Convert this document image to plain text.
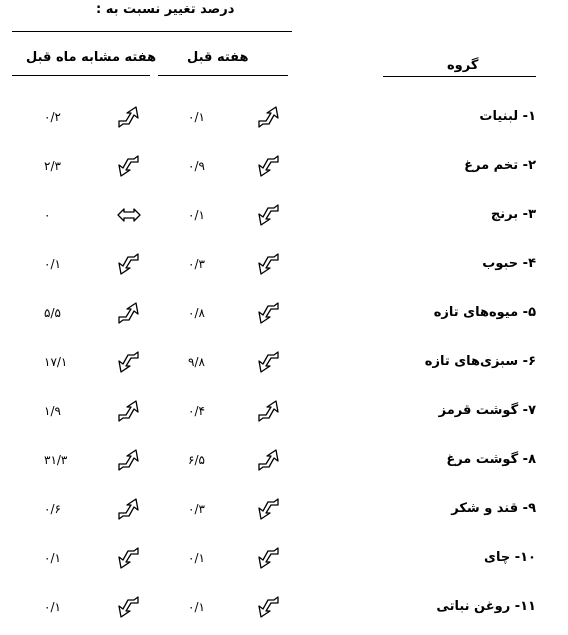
درصد تغییر نسبت به :
هفته مشابه ماه قبل هفته قبل
گروه
۱- لبنیات
۰/۱
۰/۲
۲- تخم مرغ
۰/۹
۲/۳
۳- برنج
۰/۱
۰
۴- حبوب
۰/۳
۰/۱
۵- میوه‌های تازه
۰/۸
۵/۵
۶- سبزی‌های تازه
۹/۸
۱۷/۱
۷- گوشت قرمز
۰/۴
۱/۹
۸- گوشت مرغ
۶/۵
۳۱/۳
۹- قند و شکر
۰/۳
۰/۶
۱۰- چای
۰/۱
۰/۱
۱۱- روغن نباتی
۰/۱
۰/۱
